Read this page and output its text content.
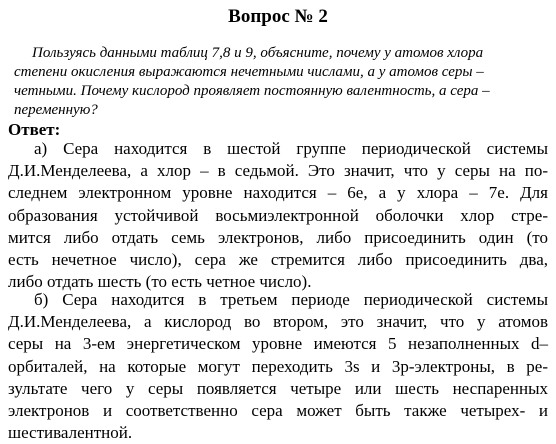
Вопрос № 2
Пользуясь данными таблиц 7,8 и 9, объясните, почему у атомов хлора
степени окисления выражаются нечетными числами, а у атомов серы –
четными. Почему кислород проявляет постоянную валентность, а сера –
переменную?
Ответ:
а) Сера находится в шестой группе периодической системы
Д.И.Менделеева, а хлор – в седьмой. Это значит, что у серы на по-
следнем электронном уровне находится – 6е, а у хлора – 7е. Для
образования устойчивой восьмиэлектронной оболочки хлор стре-
мится либо отдать семь электронов, либо присоединить один (то
есть нечетное число), сера же стремится либо присоединить два,
либо отдать шесть (то есть четное число).
б) Сера находится в третьем периоде периодической системы
Д.И.Менделеева, а кислород во втором, это значит, что у атомов
серы на 3-ем энергетическом уровне имеются 5 незаполненных d–
орбиталей, на которые могут переходить 3s и 3р-электроны, в ре-
зультате чего у серы появляется четыре или шесть неспаренных
электронов и соответственно сера может быть также четырех- и
шестивалентной.
